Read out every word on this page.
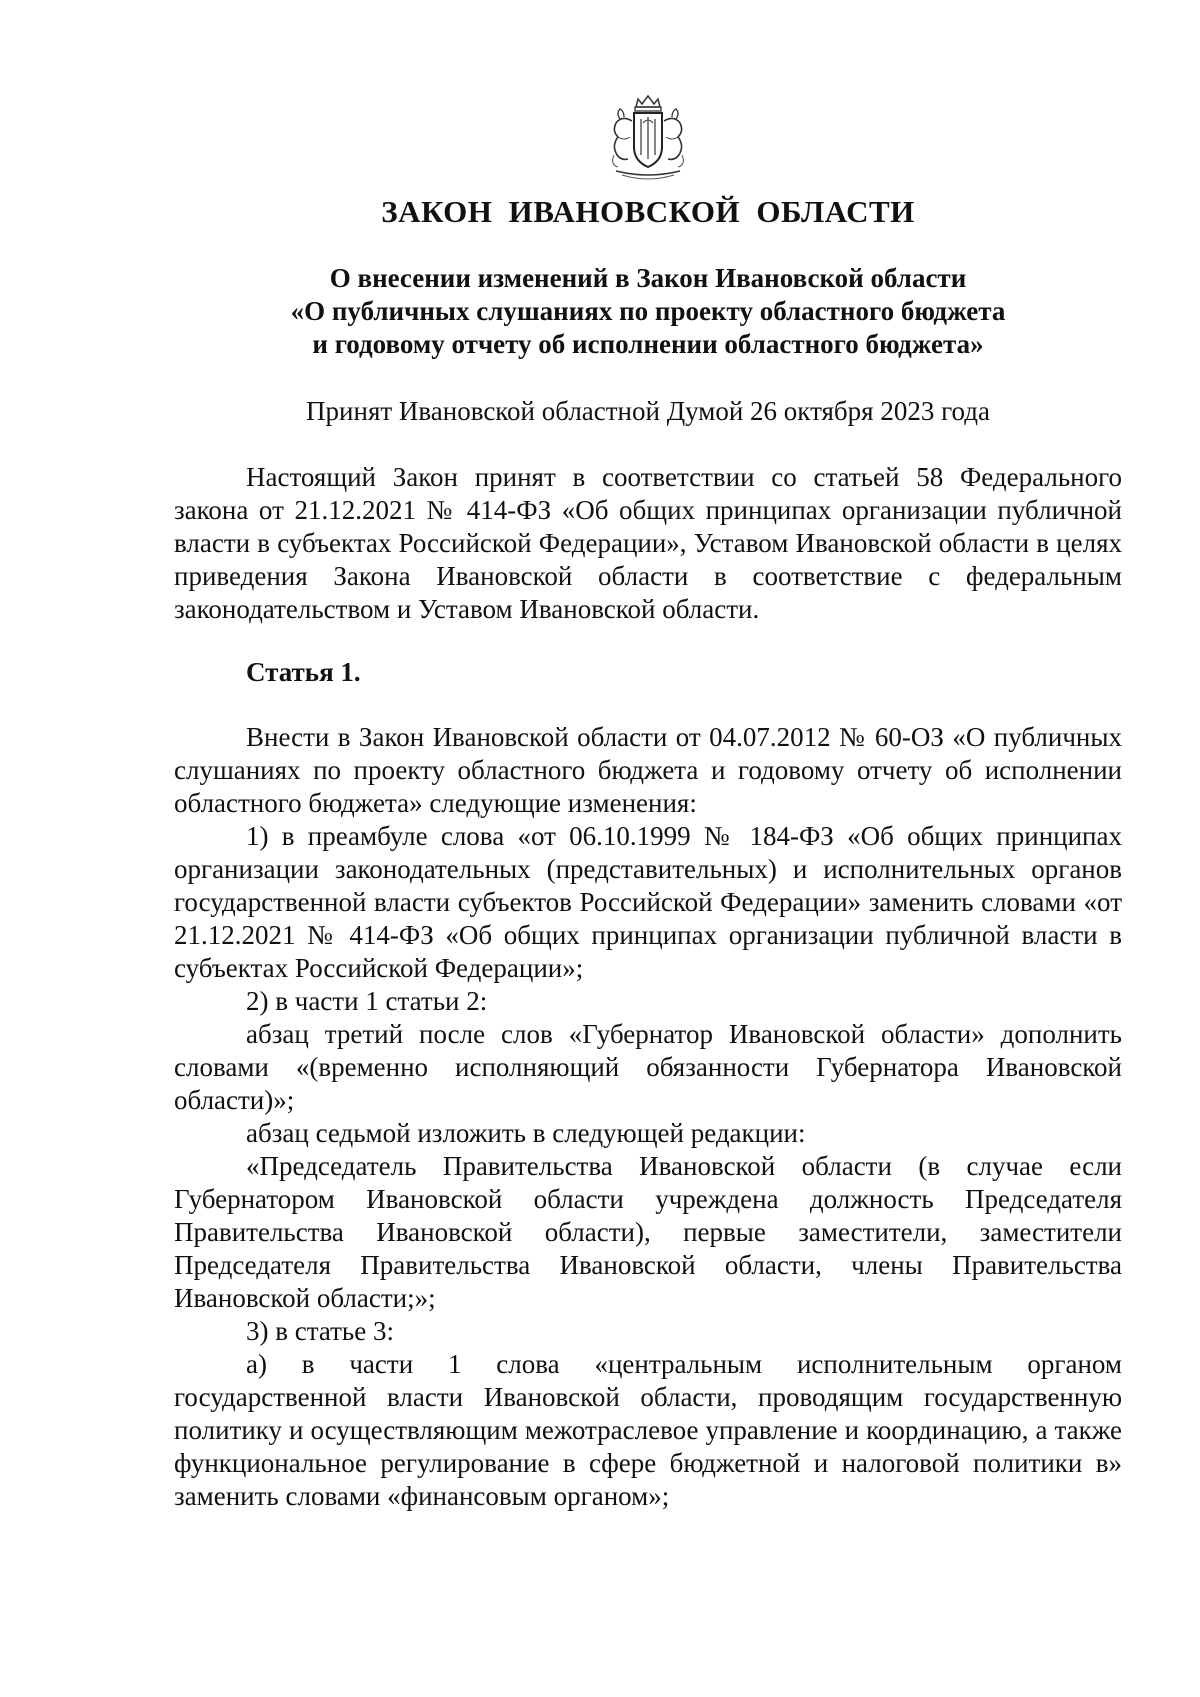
ЗАКОН ИВАНОВСКОЙ ОБЛАСТИ
О внесении изменений в Закон Ивановской области
«О публичных слушаниях по проекту областного бюджета
и годовому отчету об исполнении областного бюджета»

Принят Ивановской областной Думой 26 октября 2023 года

Настоящий Закон принят в соответствии со статьей 58 Федерального закона от 21.12.2021 № 414-ФЗ «Об общих принципах организации публичной власти в субъектах Российской Федерации», Уставом Ивановской области в целях приведения Закона Ивановской области в соответствие с федеральным законодательством и Уставом Ивановской области.

Статья 1.

Внести в Закон Ивановской области от 04.07.2012 № 60-ОЗ «О публичных слушаниях по проекту областного бюджета и годовому отчету об исполнении областного бюджета» следующие изменения:

1) в преамбуле слова «от 06.10.1999 № 184-ФЗ «Об общих принципах организации законодательных (представительных) и исполнительных органов государственной власти субъектов Российской Федерации» заменить словами «от 21.12.2021 № 414-ФЗ «Об общих принципах организации публичной власти в субъектах Российской Федерации»;

2) в части 1 статьи 2:

абзац третий после слов «Губернатор Ивановской области» дополнить словами «(временно исполняющий обязанности Губернатора Ивановской области)»;

абзац седьмой изложить в следующей редакции:

«Председатель Правительства Ивановской области (в случае если Губернатором Ивановской области учреждена должность Председателя Правительства Ивановской области), первые заместители, заместители Председателя Правительства Ивановской области, члены Правительства Ивановской области;»;

3) в статье 3:

а) в части 1 слова «центральным исполнительным органом государственной власти Ивановской области, проводящим государственную политику и осуществляющим межотраслевое управление и координацию, а также функциональное регулирование в сфере бюджетной и налоговой политики в» заменить словами «финансовым органом»;
